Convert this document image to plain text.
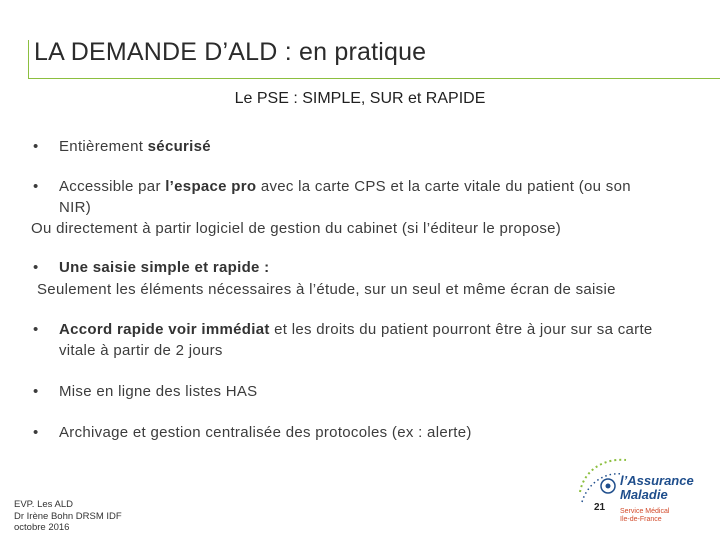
LA DEMANDE D’ALD : en pratique
Le PSE : SIMPLE, SUR et RAPIDE
• Entièrement sécurisé
• Accessible par l’espace pro avec la carte CPS et la carte vitale du patient (ou son
NIR)
Ou directement à partir logiciel de gestion du cabinet (si l’éditeur le propose)
• Une saisie simple et rapide :
Seulement les éléments nécessaires à l’étude, sur un seul et même écran de saisie
• Accord rapide voir immédiat et les droits du patient pourront être à jour sur sa carte
vitale à partir de 2 jours
• Mise en ligne des listes HAS
• Archivage et gestion centralisée des protocoles (ex : alerte)
EVP. Les ALD
Dr Irène Bohn DRSM IDF
octobre 2016
l’Assurance
Maladie
Service Médical
Ile-de-France
21
